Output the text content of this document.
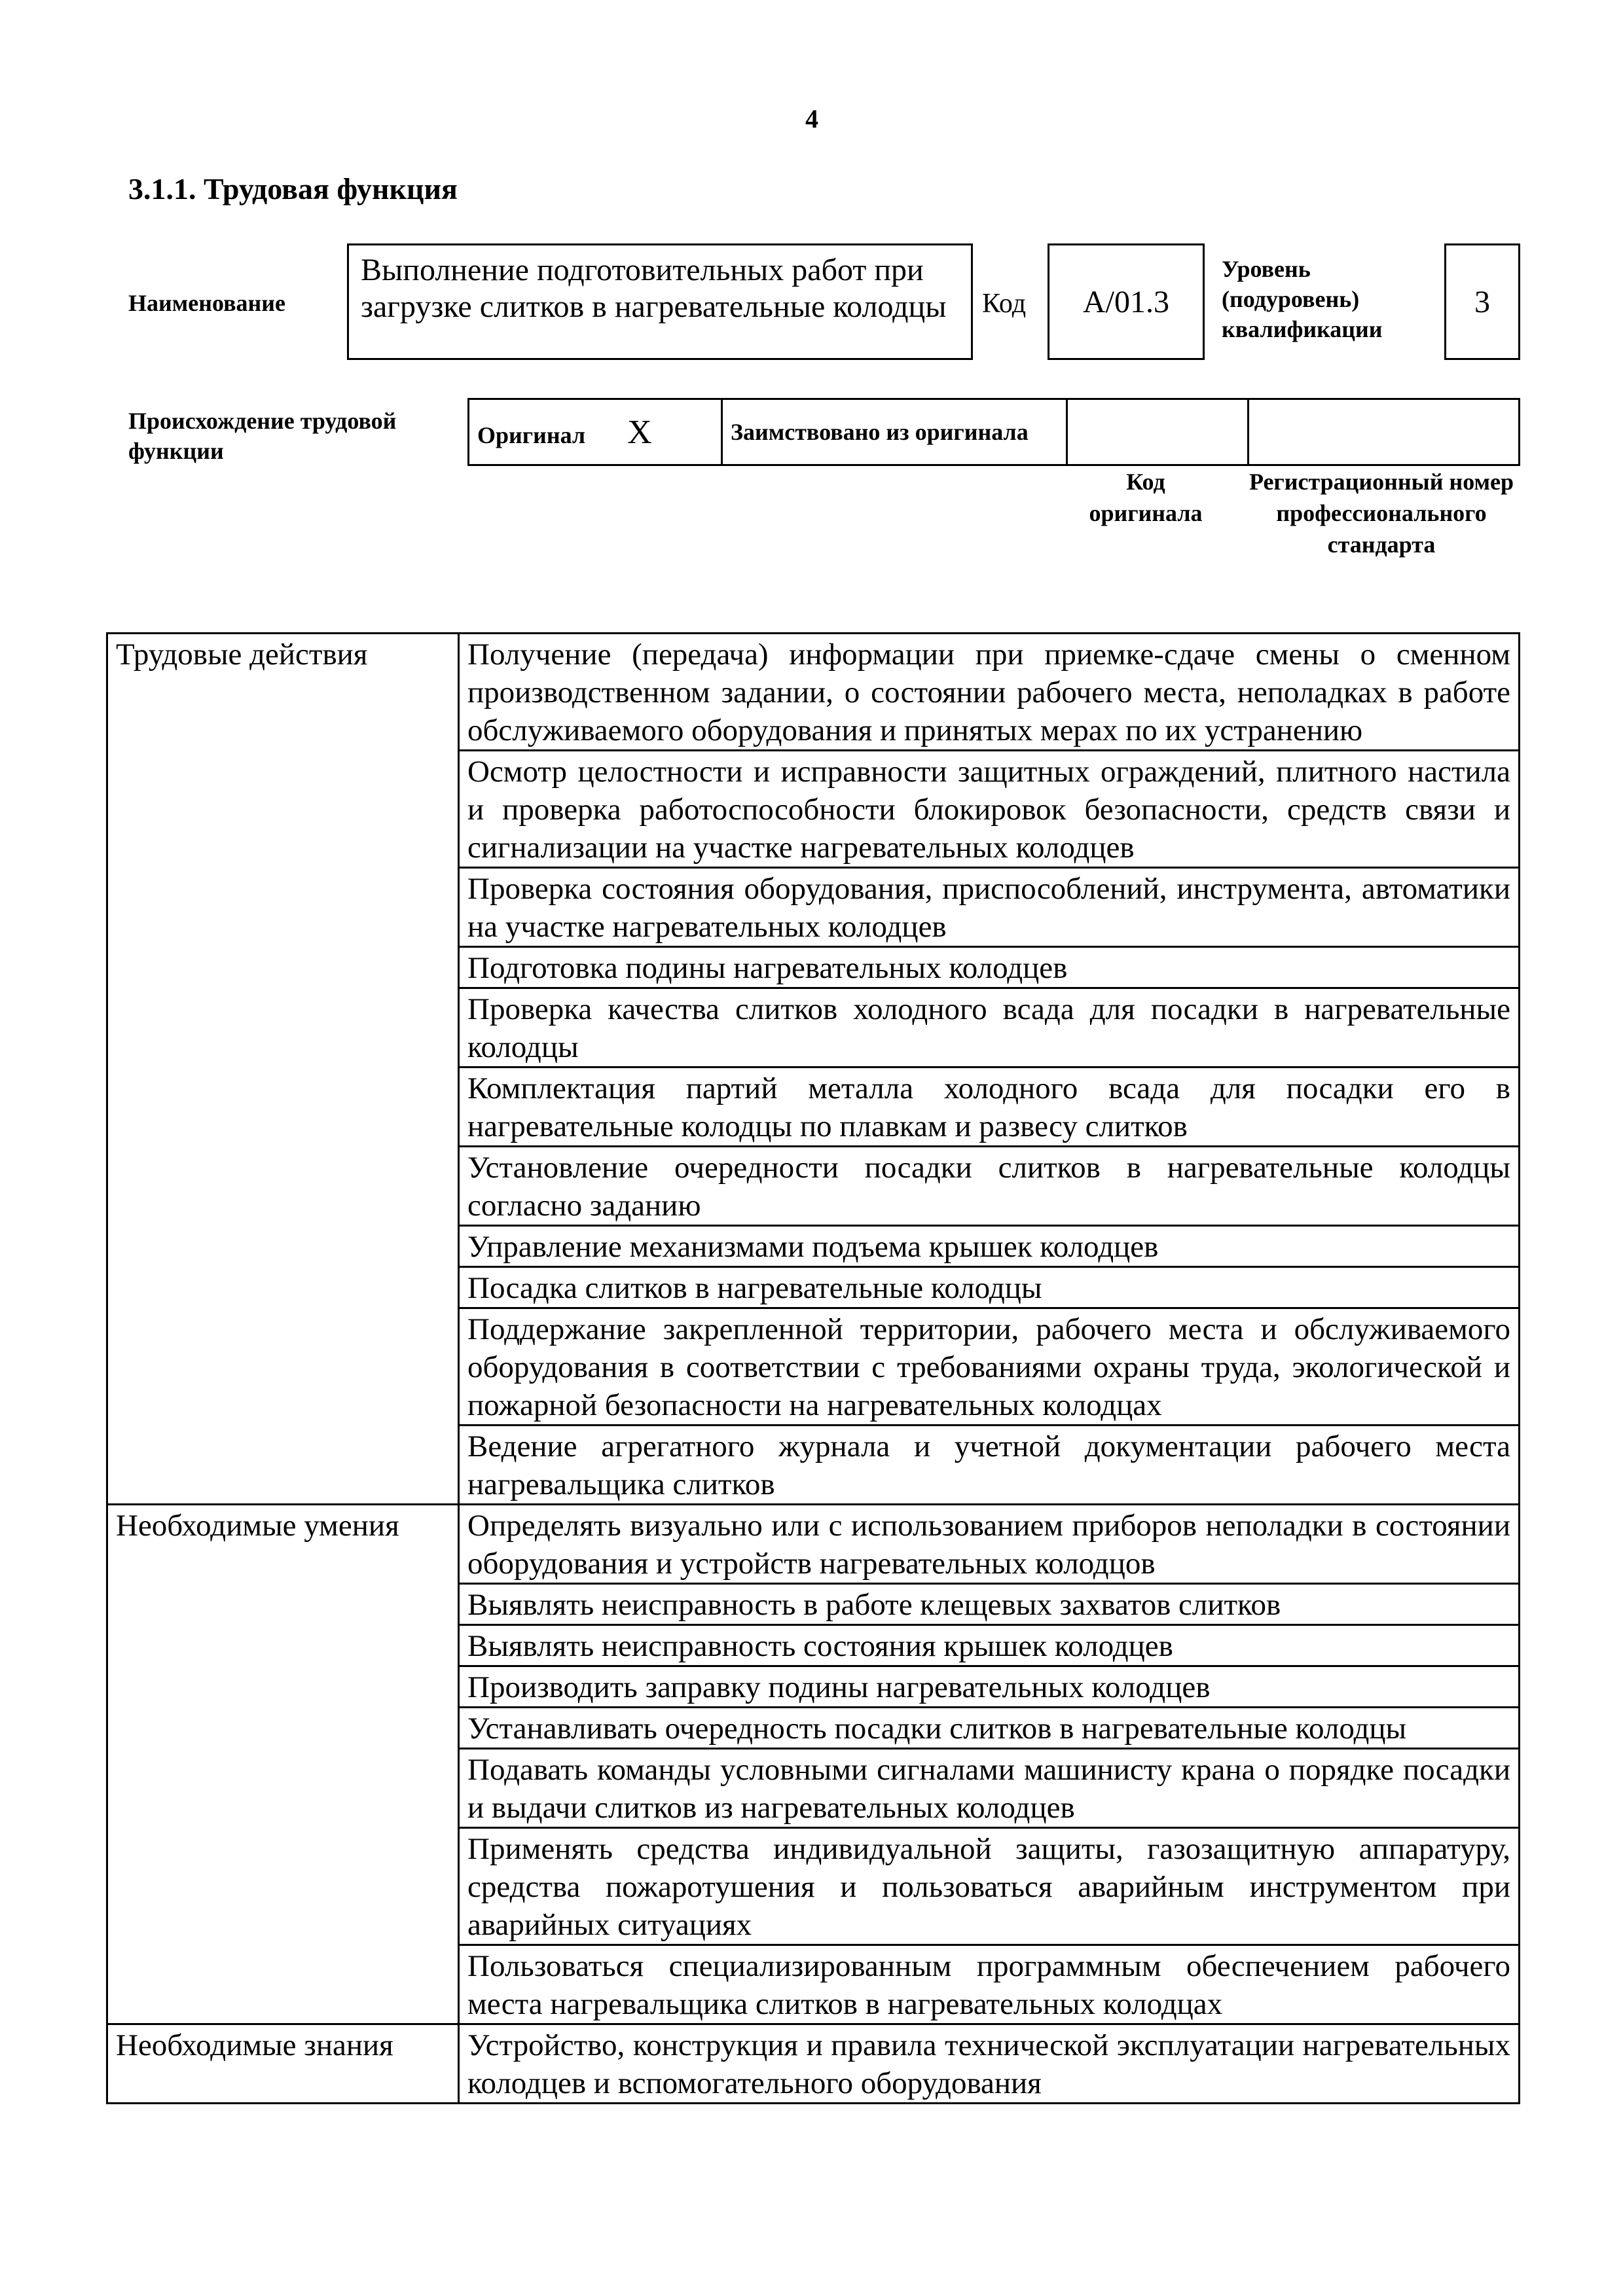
4
3.1.1. Трудовая функция
Наименование
Выполнение подготовительных работ при загрузке слитков в нагревательные колодцы	Код	А/01.3
Уровень (подуровень) квалификации
3
Происхождение трудовой функции
Оригинал X	Заимствовано из оригинала

Код оригинала
Регистрационный номер профессионального стандарта
Трудовые действия	Получение (передача) информации при приемке-сдаче смены о сменном производственном задании, о состоянии рабочего места, неполадках в работе обслуживаемого оборудования и принятых мерах по их устранению
	Осмотр целостности и исправности защитных ограждений, плитного настила и проверка работоспособности блокировок безопасности, средств связи и сигнализации на участке нагревательных колодцев
	Проверка состояния оборудования, приспособлений, инструмента, автоматики на участке нагревательных колодцев
	Подготовка подины нагревательных колодцев
	Проверка качества слитков холодного всада для посадки в нагревательные колодцы
	Комплектация партий металла холодного всада для посадки его в нагревательные колодцы по плавкам и развесу слитков
	Установление очередности посадки слитков в нагревательные колодцы согласно заданию
	Управление механизмами подъема крышек колодцев
	Посадка слитков в нагревательные колодцы
	Поддержание закрепленной территории, рабочего места и обслуживаемого оборудования в соответствии с требованиями охраны труда, экологической и пожарной безопасности на нагревательных колодцах
	Ведение агрегатного журнала и учетной документации рабочего места нагревальщика слитков
Необходимые умения	Определять визуально или с использованием приборов неполадки в состоянии оборудования и устройств нагревательных колодцов
	Выявлять неисправность в работе клещевых захватов слитков
	Выявлять неисправность состояния крышек колодцев
	Производить заправку подины нагревательных колодцев
	Устанавливать очередность посадки слитков в нагревательные колодцы
	Подавать команды условными сигналами машинисту крана о порядке посадки и выдачи слитков из нагревательных колодцев
	Применять средства индивидуальной защиты, газозащитную аппаратуру, средства пожаротушения и пользоваться аварийным инструментом при аварийных ситуациях
	Пользоваться специализированным программным обеспечением рабочего места нагревальщика слитков в нагревательных колодцах
Необходимые знания	Устройство, конструкция и правила технической эксплуатации нагревательных колодцев и вспомогательного оборудования
